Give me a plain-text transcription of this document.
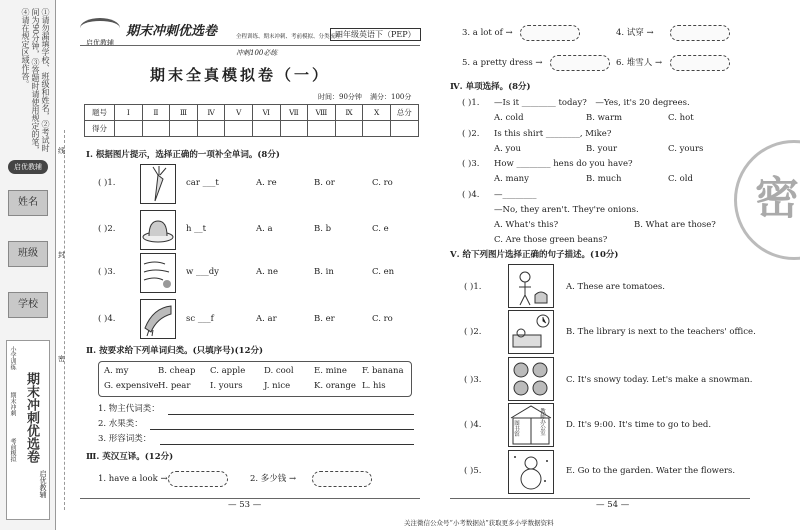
①请勿漏填学校、班级和姓名，②考试时间为90分钟，③答题时请使用规定的笔，④请在规定区域作答。
启优教辅
姓名
班级
学校
期末冲刺优选卷
小学训练
期末冲刺
考前模拟
启优教辅
线
封
密
启优教辅
期末冲刺优选卷	全程训练、期末冲刺、考前模拟、分类梳理
四年级英语下（PEP）
冲刺100必练
期末全真模拟卷（一）
时间：90分钟 满分：100分
题号	Ⅰ	Ⅱ	Ⅲ	Ⅳ	Ⅴ	Ⅵ	Ⅶ	Ⅷ	Ⅸ	Ⅹ	总分
得分											
Ⅰ. 根据图片提示，选择正确的一项补全单词。(8分)
( )1.	car ___t	A. re	B. or	C. ro
( )2.	h __t	A. a	B. b	C. e
( )3.	w ___dy	A. ne	B. in	C. en
( )4.	sc ___f	A. ar	B. er	C. ro
Ⅱ. 按要求给下列单词归类。(只填序号)(12分)
A. my	B. cheap C. apple D. cool E. mine F. banana
G. expensive H. pear I. yours	J. nice	K. orange L. his
1. 物主代词类：
2. 水果类：
3. 形容词类：
Ⅲ. 英汉互译。(12分)
1. have a look →	2. 多少钱 →
3. a lot of →	4. 试穿 →
5. a pretty dress →	6. 堆雪人 →
Ⅳ. 单项选择。(8分)
( )1. —Is it ________ today?　—Yes, it's 20 degrees.
A. cold	B. warm	C. hot
( )2. Is this shirt ________, Mike?
A. you	B. your	C. yours
( )3. How ________ hens do you have?
A. many	B. much	C. old
( )4. —________
—No, they aren't. They're onions.
A. What's this?	B. What are those?
C. Are those green beans?
Ⅴ. 给下列图片选择正确的句子描述。(10分)
( )1.	A. These are tomatoes.
( )2.	B. The library is next to the teachers' office.
( )3.	C. It's snowy today. Let's make a snowman.
( )4.	教师办公室
图书馆	D. It's 9:00. It's time to go to bed.
( )5.	E. Go to the garden. Water the flowers.
密
— 53 —	— 54 —
关注微信公众号“小考数据站”获取更多小学数据资料
